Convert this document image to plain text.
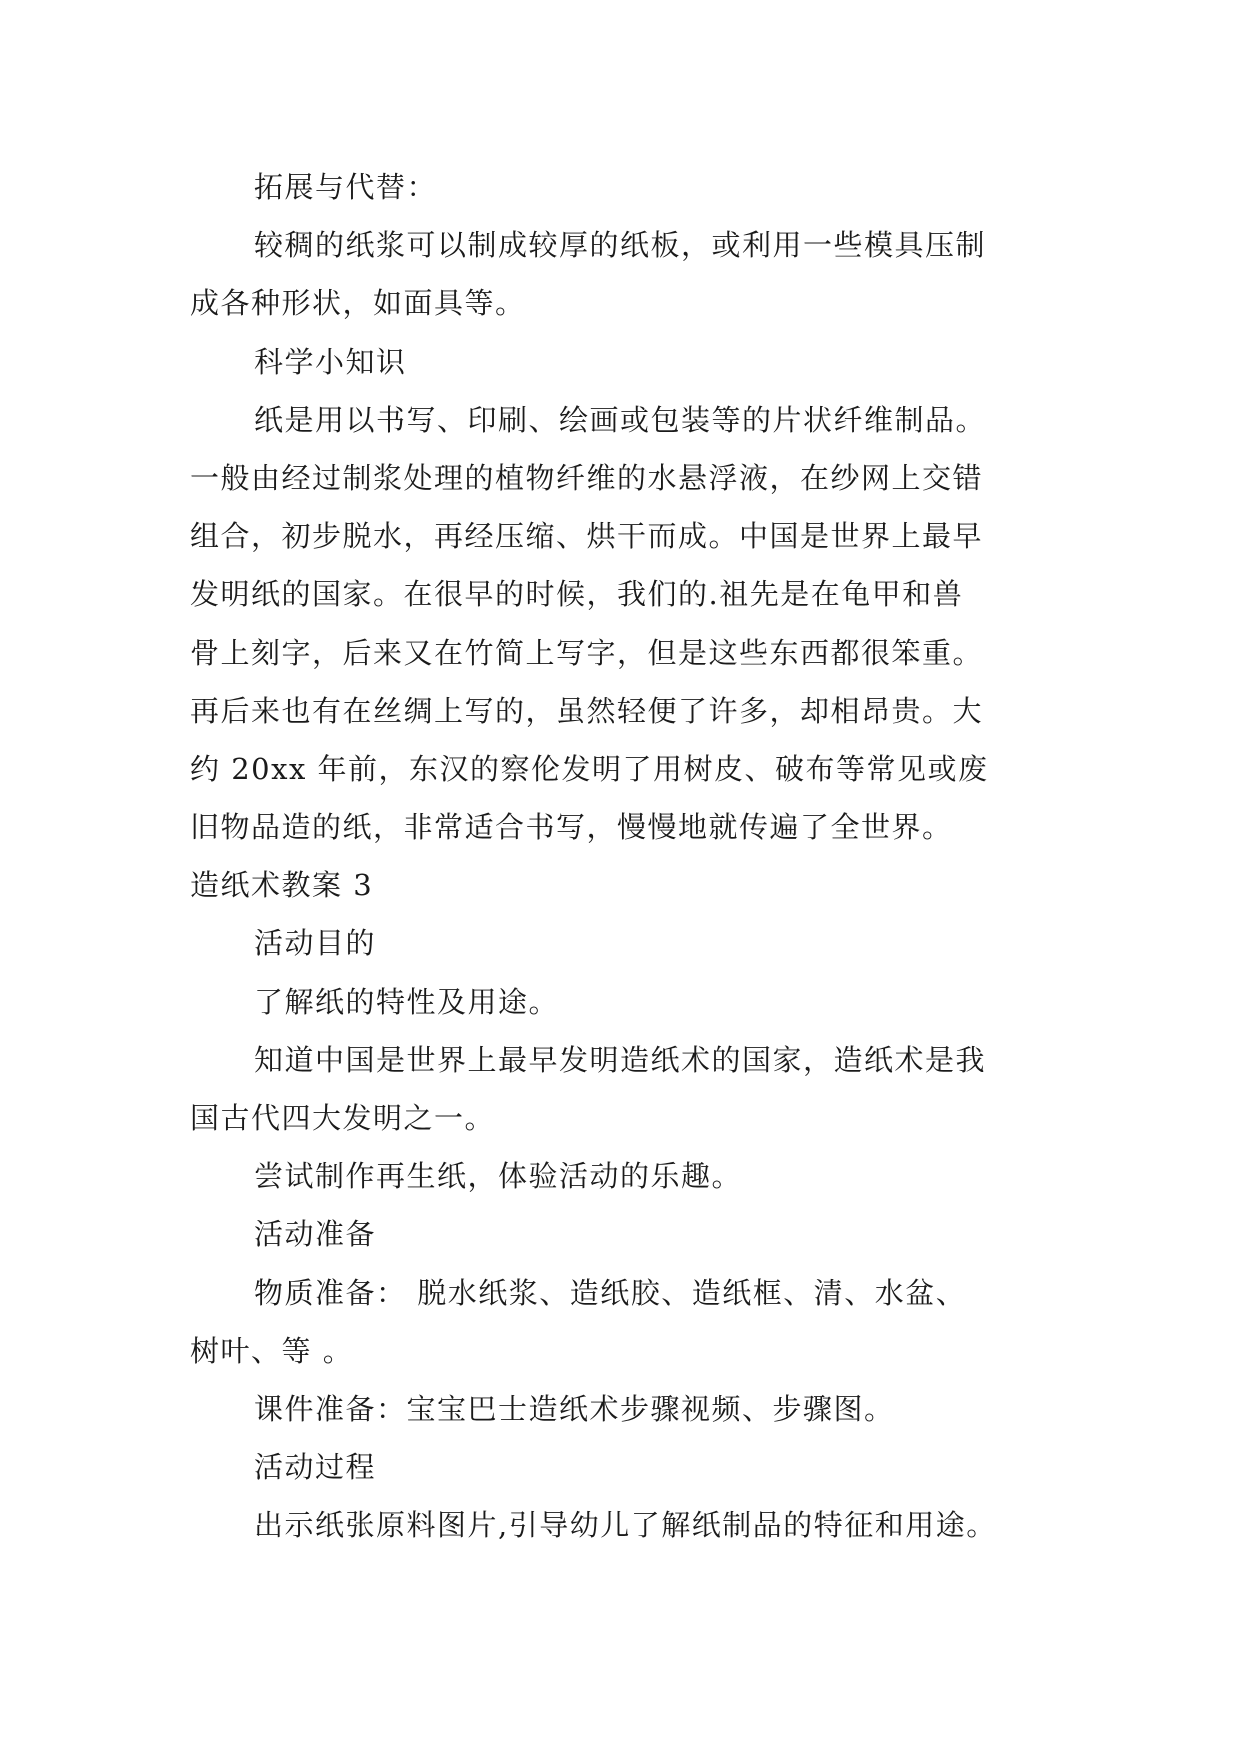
拓展与代替：
较稠的纸浆可以制成较厚的纸板，或利用一些模具压制
成各种形状，如面具等。
科学小知识
纸是用以书写、印刷、绘画或包装等的片状纤维制品。
一般由经过制浆处理的植物纤维的水悬浮液，在纱网上交错
组合，初步脱水，再经压缩、烘干而成。中国是世界上最早
发明纸的国家。在很早的时候，我们的.祖先是在龟甲和兽
骨上刻字，后来又在竹简上写字，但是这些东西都很笨重。
再后来也有在丝绸上写的，虽然轻便了许多，却相昂贵。大
约 20xx 年前，东汉的察伦发明了用树皮、破布等常见或废
旧物品造的纸，非常适合书写，慢慢地就传遍了全世界。
造纸术教案 3
活动目的
了解纸的特性及用途。
知道中国是世界上最早发明造纸术的国家，造纸术是我
国古代四大发明之一。
尝试制作再生纸，体验活动的乐趣。
活动准备
物质准备： 脱水纸浆、造纸胶、造纸框、清、水盆、
树叶、等 。
课件准备：宝宝巴士造纸术步骤视频、步骤图。
活动过程
出示纸张原料图片,引导幼儿了解纸制品的特征和用途。
